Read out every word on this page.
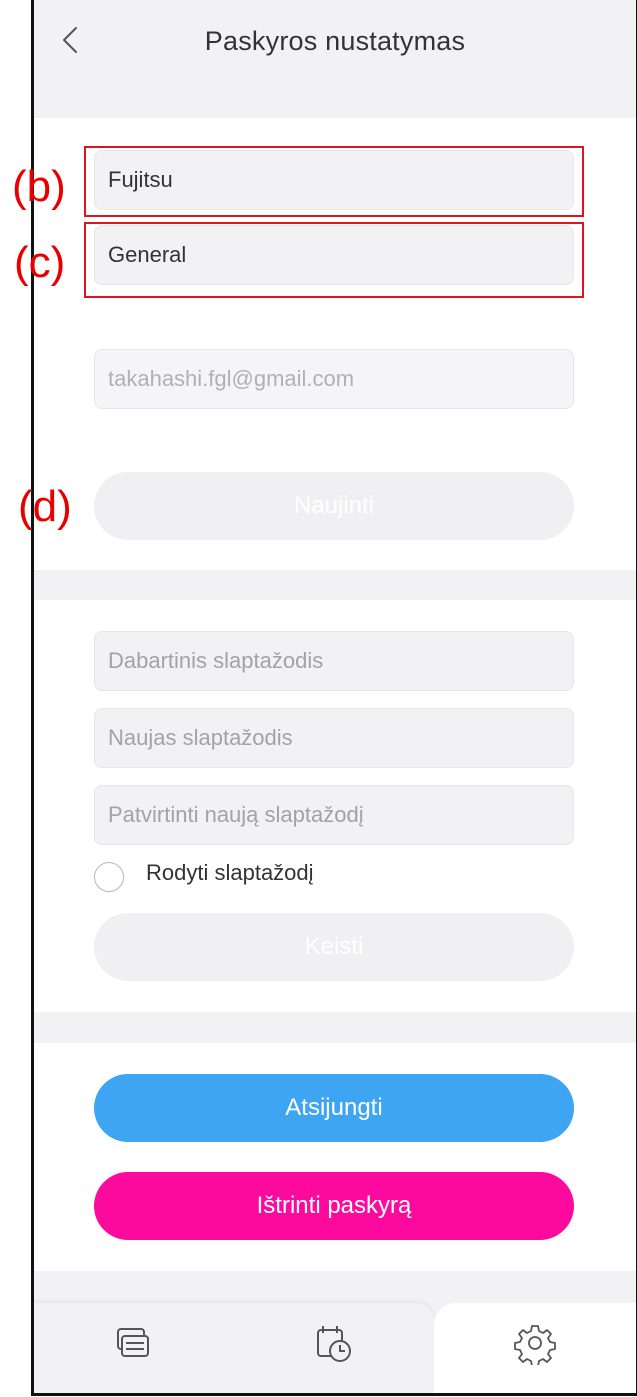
Paskyros nustatymas
Fujitsu
General
takahashi.fgl@gmail.com
Naujinti
Dabartinis slaptažodis
Naujas slaptažodis
Patvirtinti naują slaptažodį
Rodyti slaptažodį
Keisti
Atsijungti
Ištrinti paskyrą
(b)
(c)
(d)
